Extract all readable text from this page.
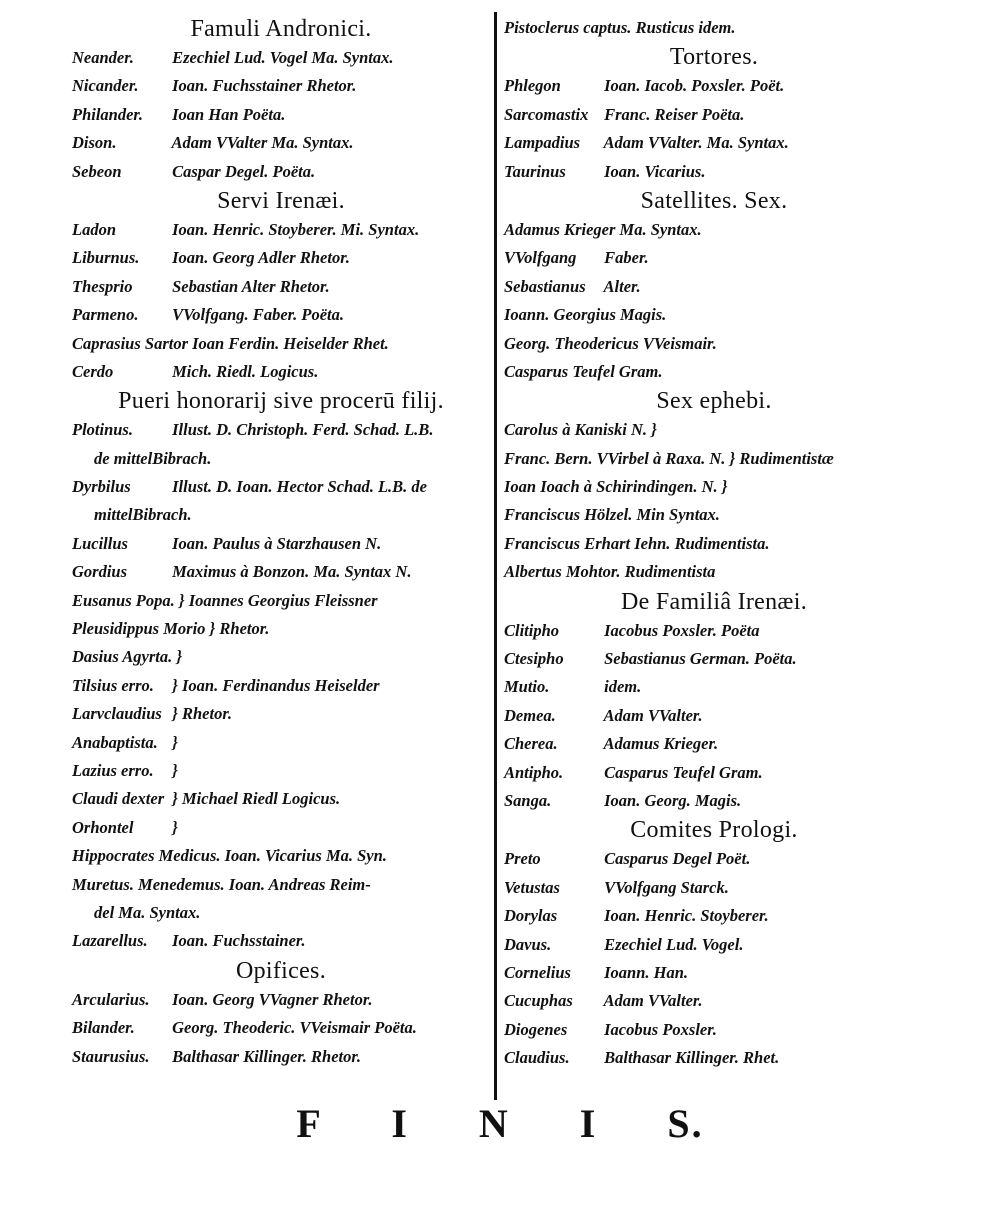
Famuli Andronici.
Neander. Ezechiel Lud. Vogel Ma. Syntax.
Nicander. Ioan. Fuchsstainer Rhetor.
Philander. Ioan Han Poëta.
Dison.	Adam VValter Ma. Syntax.
Sebeon	Caspar Degel. Poëta.
Servi Irenæi.
Ladon	Ioan. Henric. Stoyberer. Mi. Syntax.
Liburnus. Ioan. Georg Adler Rhetor.
Thesprio Sebastian Alter Rhetor.
Parmeno. VVolfgang. Faber. Poëta.
Caprasius Sartor Ioan Ferdin. Heiselder Rhet.
Cerdo	Mich. Riedl. Logicus.
Pueri honorarij sive procerū filij.
Plotinus. Illust. D. Christoph. Ferd. Schad. L.B.
de mittelBibrach.
Dyrbilus	Illust. D. Ioan. Hector Schad. L.B. de
mittelBibrach.
Lucillus	Ioan. Paulus à Starzhausen N.
Gordius	Maximus à Bonzon. Ma. Syntax N.
Eusanus Popa. } Ioannes Georgius Fleissner
Pleusidippus Morio } Rhetor.
Dasius Agyrta. }
Tilsius erro. } Ioan. Ferdinandus Heiselder
Larvclaudius } Rhetor.
Anabaptista. }
Lazius erro. }
Claudi dexter } Michael Riedl Logicus.
Orhontel }
Hippocrates Medicus. Ioan. Vicarius Ma. Syn.
Muretus. Menedemus. Ioan. Andreas Reim-
del Ma. Syntax.
Lazarellus. Ioan. Fuchsstainer.
Opifices.
Arcularius. Ioan. Georg VVagner Rhetor.
Bilander. Georg. Theoderic. VVeismair Poëta.
Staurusius. Balthasar Killinger. Rhetor.
Pistoclerus captus. Rusticus idem.
Tortores.
Phlegon	Ioan. Iacob. Poxsler. Poët.
Sarcomastix Franc. Reiser Poëta.
Lampadius Adam VValter. Ma. Syntax.
Taurinus Ioan. Vicarius.
Satellites. Sex.
Adamus Krieger Ma. Syntax.
VVolfgang Faber.
Sebastianus Alter.
Ioann. Georgius Magis.
Georg. Theodericus VVeismair.
Casparus Teufel Gram.
Sex ephebi.
Carolus à Kaniski N. }
Franc. Bern. VVirbel à Raxa. N. } Rudimentistæ
Ioan Ioach à Schirindingen. N. }
Franciscus Hölzel. Min Syntax.
Franciscus Erhart Iehn. Rudimentista.
Albertus Mohtor. Rudimentista
De Familiâ Irenæi.
Clitipho	Iacobus Poxsler. Poëta
Ctesipho Sebastianus German. Poëta.
Mutio.	idem.
Demea.	Adam VValter.
Cherea.	Adamus Krieger.
Antipho. Casparus Teufel Gram.
Sanga.	Ioan. Georg. Magis.
Comites Prologi.
Preto	Casparus Degel Poët.
Vetustas	VVolfgang Starck.
Dorylas	Ioan. Henric. Stoyberer.
Davus.	Ezechiel Lud. Vogel.
Cornelius Ioann. Han.
Cucuphas Adam VValter.
Diogenes Iacobus Poxsler.
Claudius. Balthasar Killinger. Rhet.
F I N I S.
